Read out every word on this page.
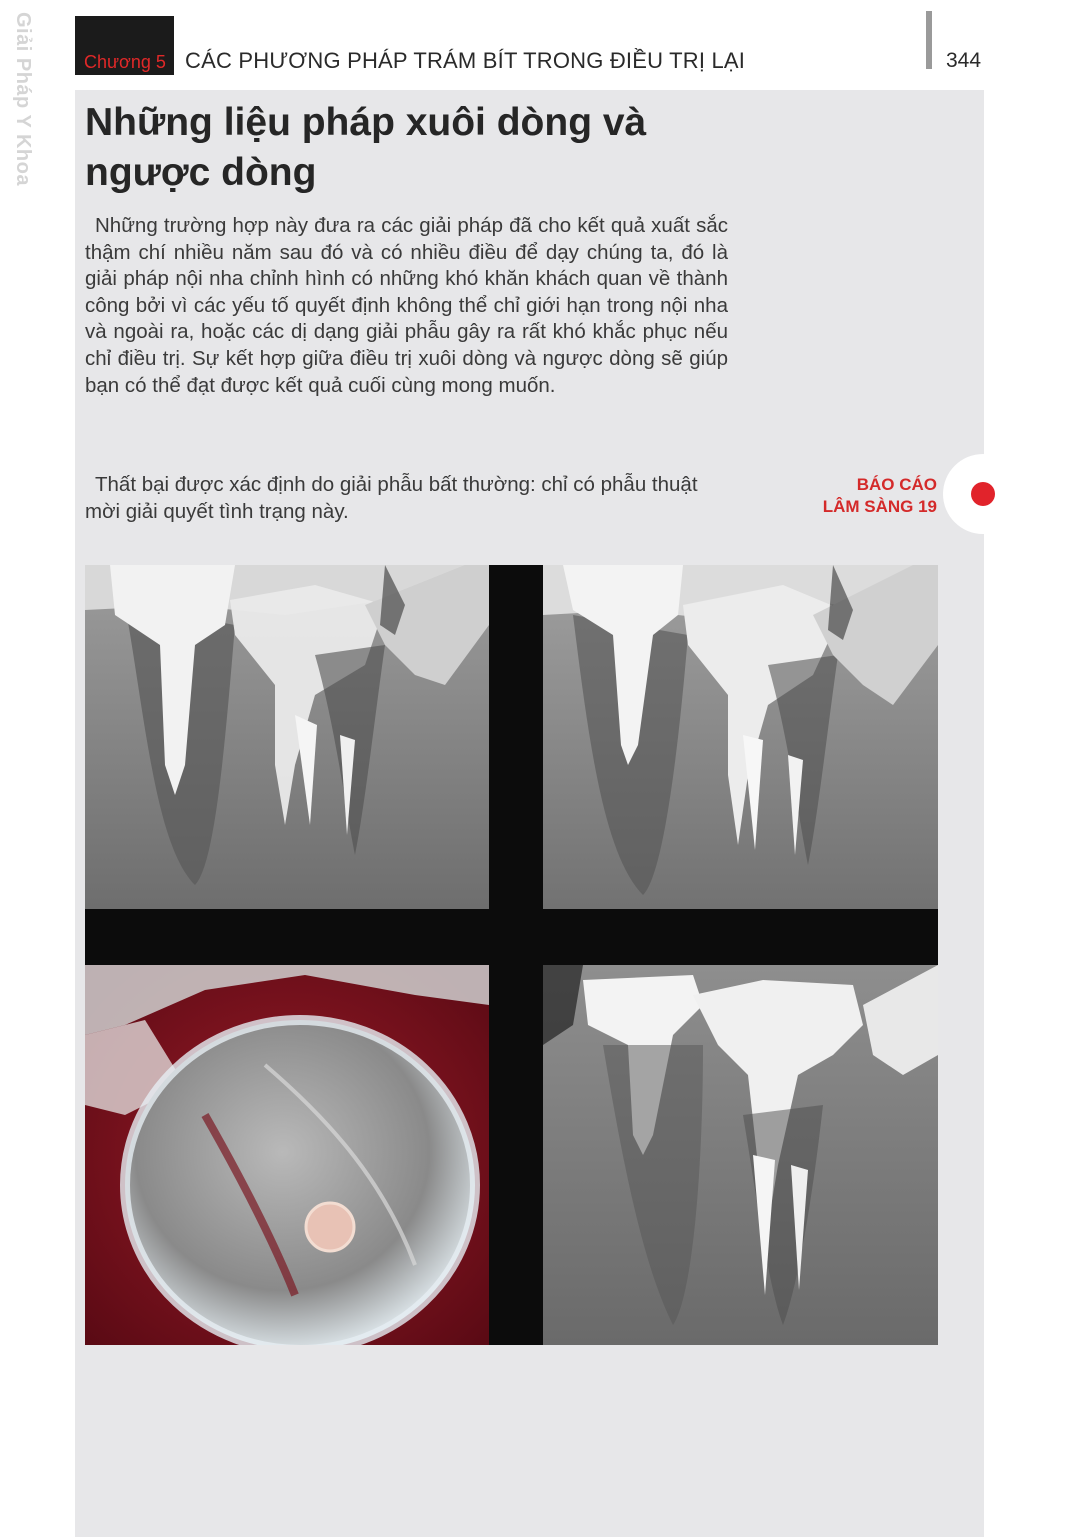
Giải Pháp Y Khoa	Chương 5 CÁC PHƯƠNG PHÁP TRÁM BÍT TRONG ĐIỀU TRỊ LẠI	344
Những liệu pháp xuôi dòng và ngược dòng

Những trường hợp này đưa ra các giải pháp đã cho kết quả xuất sắc thậm chí nhiều năm sau đó và có nhiều điều để dạy chúng ta, đó là giải pháp nội nha chỉnh hình có những khó khăn khách quan về thành công bởi vì các yếu tố quyết định không thể chỉ giới hạn trong nội nha và ngoài ra, hoặc các dị dạng giải phẫu gây ra rất khó khắc phục nếu chỉ điều trị. Sự kết hợp giữa điều trị xuôi dòng và ngược dòng sẽ giúp bạn có thể đạt được kết quả cuối cùng mong muốn.

Thất bại được xác định do giải phẫu bất thường: chỉ có phẫu thuật mời giải quyết tình trạng này.

BÁO CÁO
LÂM SÀNG 19
